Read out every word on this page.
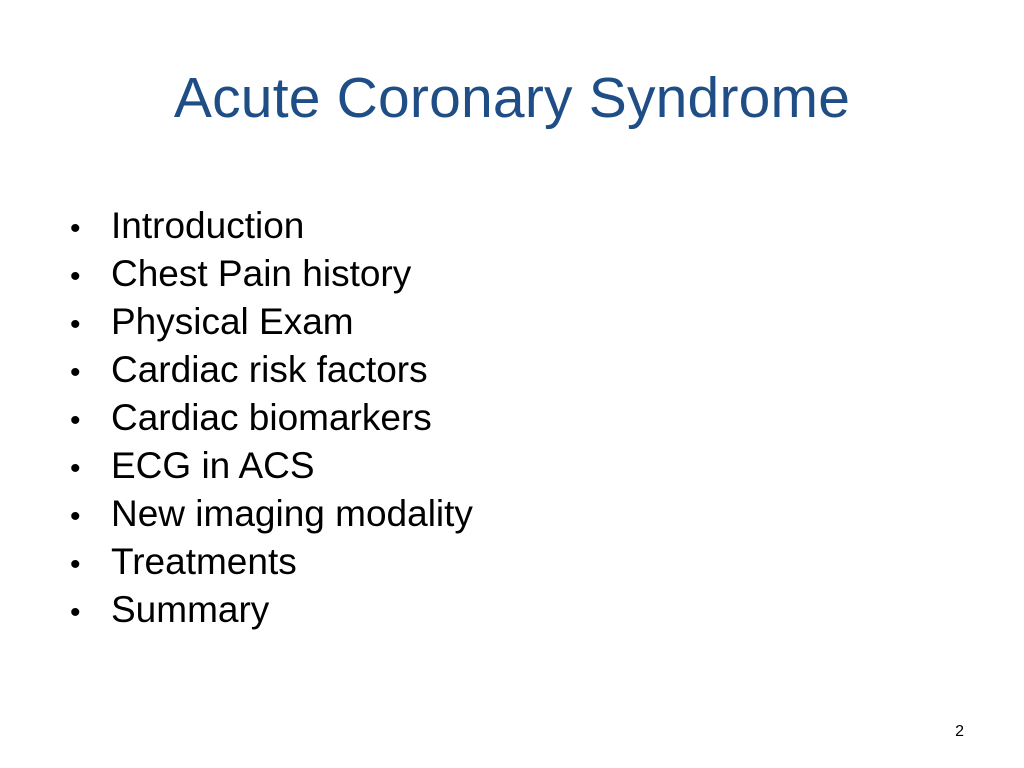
Acute Coronary Syndrome
• Introduction
• Chest Pain history
• Physical Exam
• Cardiac risk factors
• Cardiac biomarkers
• ECG in ACS
• New imaging modality
• Treatments
• Summary
2
